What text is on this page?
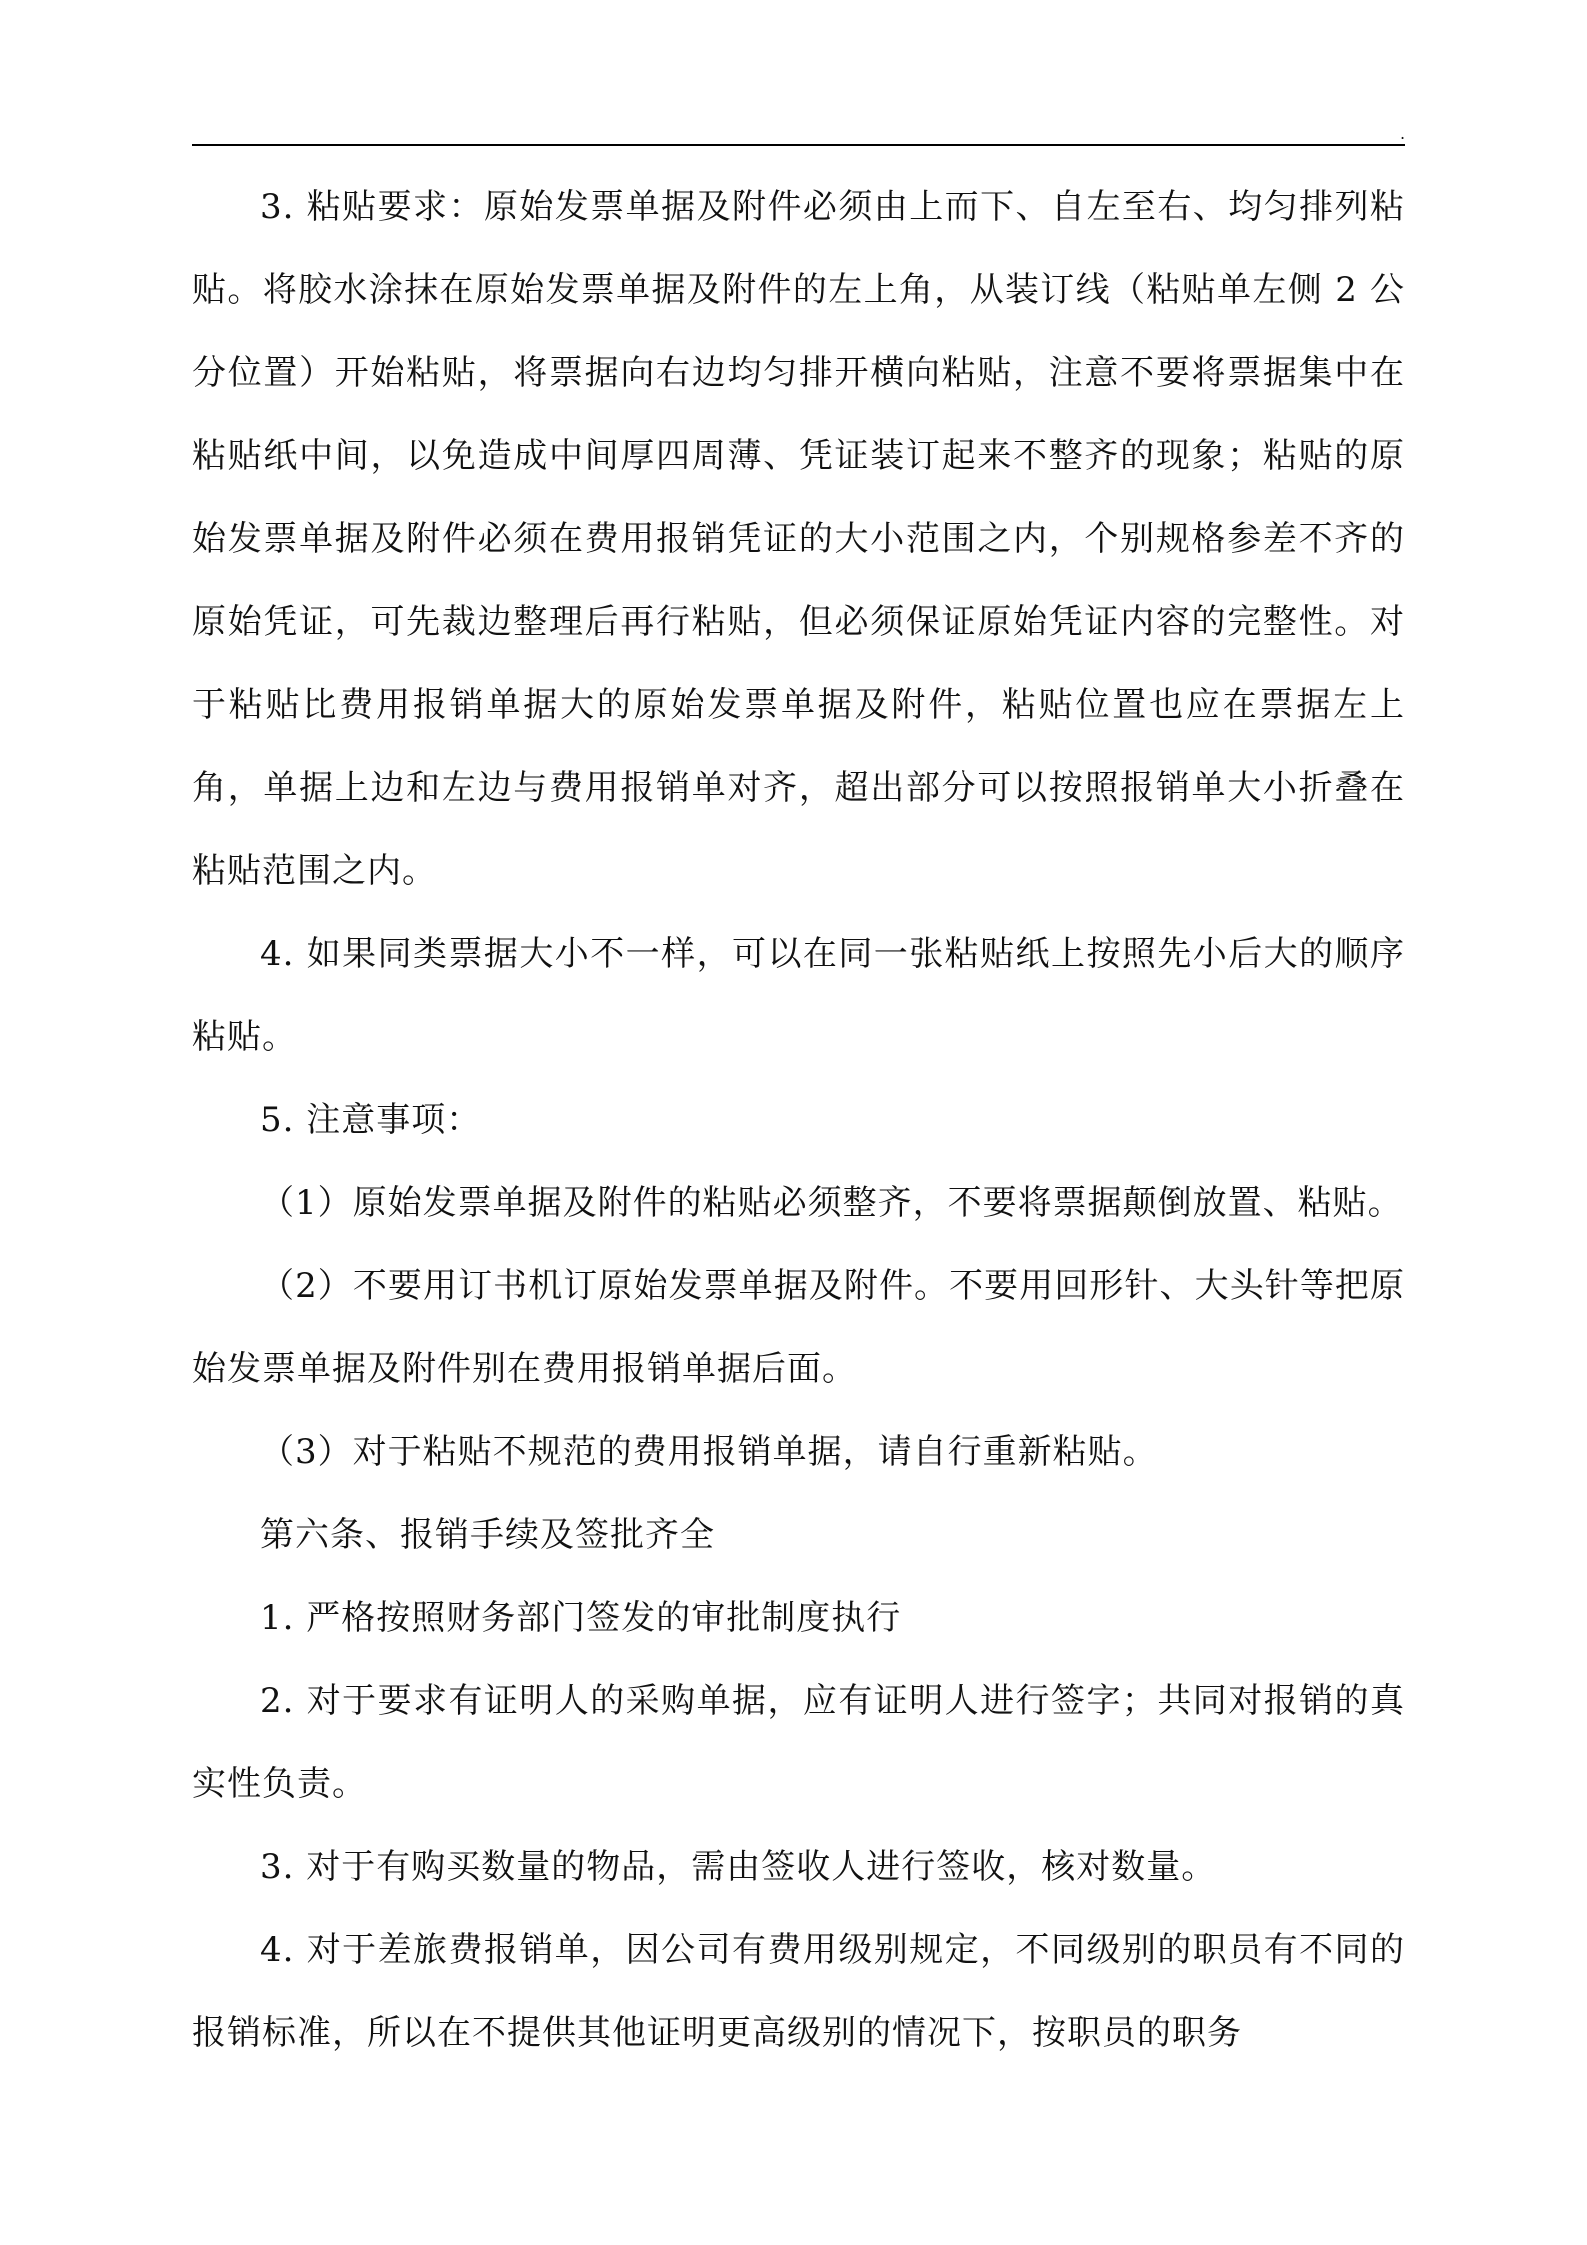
.

3. 粘贴要求：原始发票单据及附件必须由上而下、自左至右、均匀排列粘贴。将胶水涂抹在原始发票单据及附件的左上角，从装订线（粘贴单左侧 2 公分位置）开始粘贴，将票据向右边均匀排开横向粘贴，注意不要将票据集中在粘贴纸中间，以免造成中间厚四周薄、凭证装订起来不整齐的现象；粘贴的原始发票单据及附件必须在费用报销凭证的大小范围之内，个别规格参差不齐的原始凭证，可先裁边整理后再行粘贴，但必须保证原始凭证内容的完整性。对于粘贴比费用报销单据大的原始发票单据及附件，粘贴位置也应在票据左上角，单据上边和左边与费用报销单对齐，超出部分可以按照报销单大小折叠在粘贴范围之内。

4. 如果同类票据大小不一样，可以在同一张粘贴纸上按照先小后大的顺序粘贴。

5. 注意事项：

（1）原始发票单据及附件的粘贴必须整齐，不要将票据颠倒放置、粘贴。

（2）不要用订书机订原始发票单据及附件。不要用回形针、大头针等把原始发票单据及附件别在费用报销单据后面。

（3）对于粘贴不规范的费用报销单据，请自行重新粘贴。

第六条、报销手续及签批齐全

1. 严格按照财务部门签发的审批制度执行

2. 对于要求有证明人的采购单据，应有证明人进行签字；共同对报销的真实性负责。

3. 对于有购买数量的物品，需由签收人进行签收，核对数量。

4. 对于差旅费报销单，因公司有费用级别规定，不同级别的职员有不同的报销标准，所以在不提供其他证明更高级别的情况下，按职员的职务
